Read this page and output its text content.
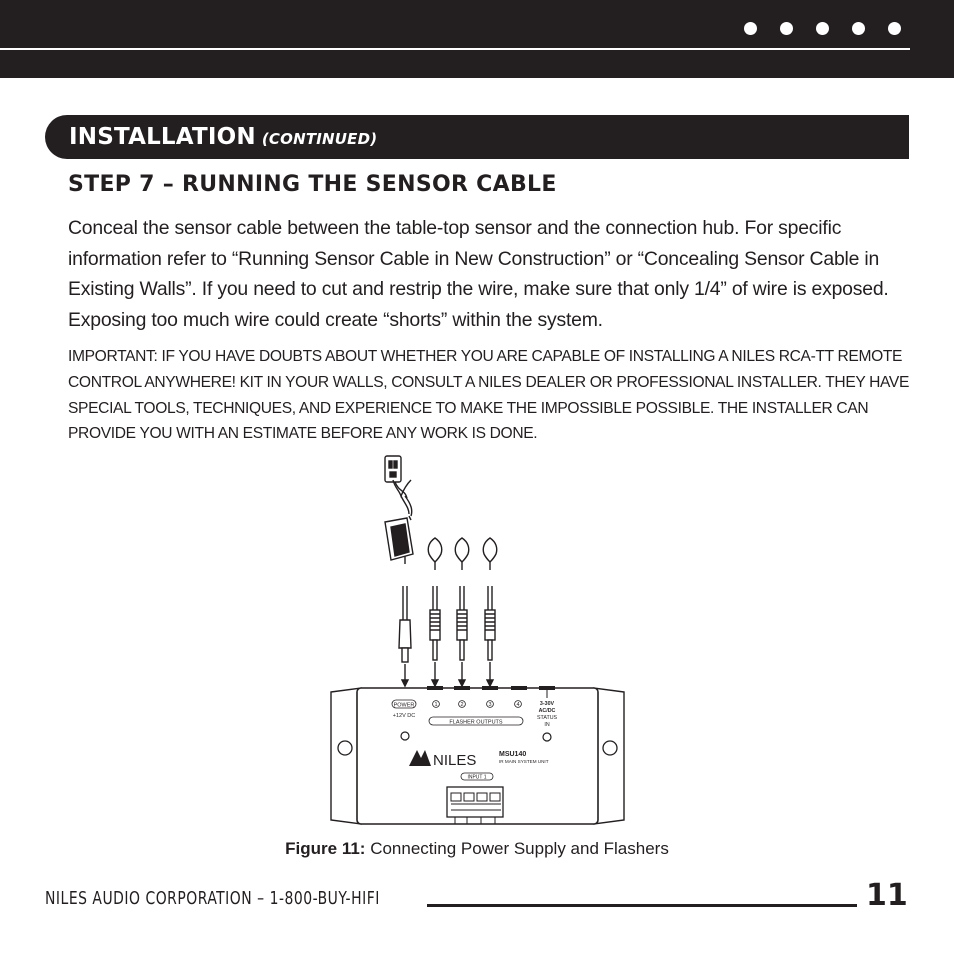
INSTALLATION (CONTINUED)
STEP 7 – RUNNING THE SENSOR CABLE

Conceal the sensor cable between the table-top sensor and the connection hub. For specific information refer to “Running Sensor Cable in New Construction” or “Concealing Sensor Cable in Existing Walls”. If you need to cut and restrip the wire, make sure that only 1/4” of wire is exposed. Exposing too much wire could create “shorts” within the system.

IMPORTANT: IF YOU HAVE DOUBTS ABOUT WHETHER YOU ARE CAPABLE OF INSTALLING A NILES RCA-TT REMOTE CONTROL ANYWHERE! KIT IN YOUR WALLS, CONSULT A NILES DEALER OR PROFESSIONAL INSTALLER. THEY HAVE SPECIAL TOOLS, TECHNIQUES, AND EXPERIENCE TO MAKE THE IMPOSSIBLE POSSIBLE. THE INSTALLER CAN PROVIDE YOU WITH AN ESTIMATE BEFORE ANY WORK IS DONE.

POWER
+12V DC
1	2	3	4
FLASHER OUTPUTS
3-30V
AC/DC
STATUS
IN
NILES	MSU140
IR MAIN SYSTEM UNIT
INPUT 1
Figure 11: Connecting Power Supply and Flashers
NILES AUDIO CORPORATION – 1-800-BUY-HIFI	11
